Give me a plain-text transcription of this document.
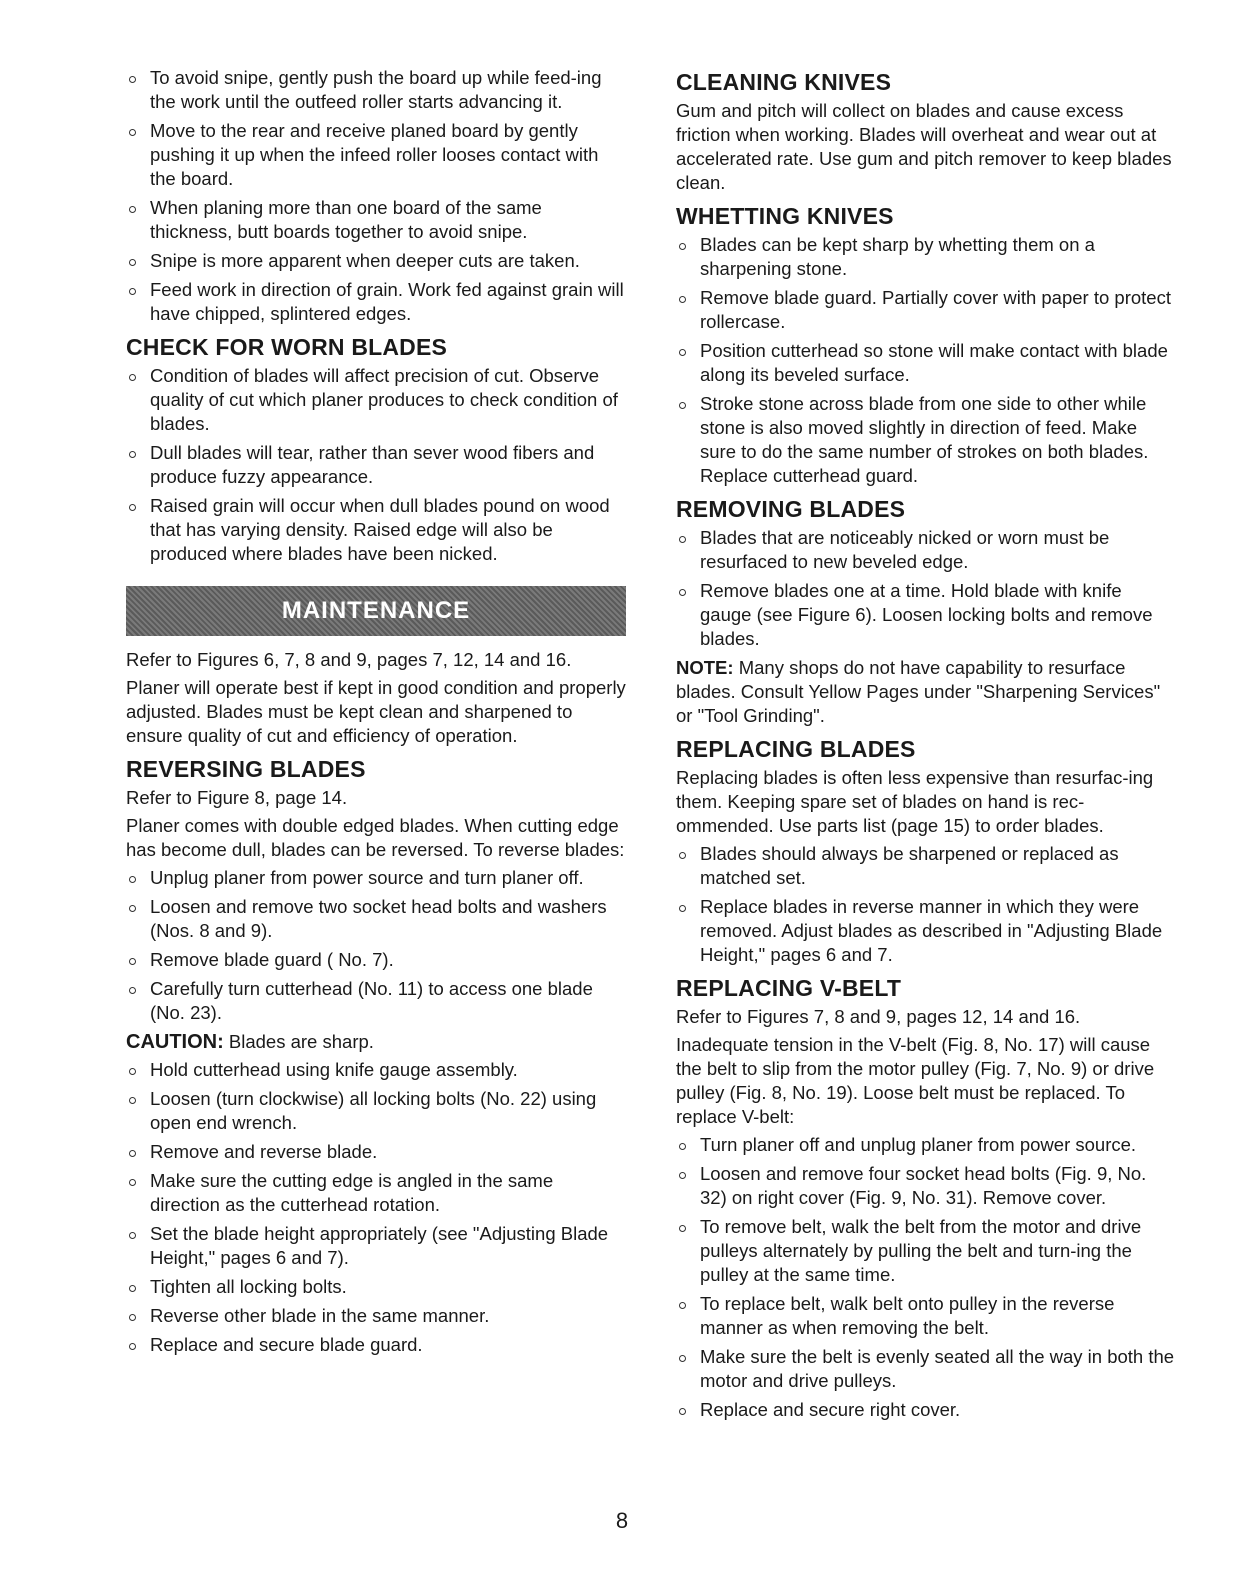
To avoid snipe, gently push the board up while feed-ing the work until the outfeed roller starts advancing it.
Move to the rear and receive planed board by gently pushing it up when the infeed roller looses contact with the board.
When planing more than one board of the same thickness, butt boards together to avoid snipe.
Snipe is more apparent when deeper cuts are taken.
Feed work in direction of grain. Work fed against grain will have chipped, splintered edges.
CHECK FOR WORN BLADES
Condition of blades will affect precision of cut. Observe quality of cut which planer produces to check condition of blades.
Dull blades will tear, rather than sever wood fibers and produce fuzzy appearance.
Raised grain will occur when dull blades pound on wood that has varying density. Raised edge will also be produced where blades have been nicked.
MAINTENANCE

Refer to Figures 6, 7, 8 and 9, pages 7, 12, 14 and 16.

Planer will operate best if kept in good condition and properly adjusted. Blades must be kept clean and sharpened to ensure quality of cut and efficiency of operation.

REVERSING BLADES

Refer to Figure 8, page 14.

Planer comes with double edged blades. When cutting edge has become dull, blades can be reversed. To reverse blades:

Unplug planer from power source and turn planer off.
Loosen and remove two socket head bolts and washers (Nos. 8 and 9).
Remove blade guard ( No. 7).
Carefully turn cutterhead (No. 11) to access one blade (No. 23).

CAUTION: Blades are sharp.

Hold cutterhead using knife gauge assembly.
Loosen (turn clockwise) all locking bolts (No. 22) using open end wrench.
Remove and reverse blade.
Make sure the cutting edge is angled in the same direction as the cutterhead rotation.
Set the blade height appropriately (see "Adjusting Blade Height," pages 6 and 7).
Tighten all locking bolts.
Reverse other blade in the same manner.
Replace and secure blade guard.
CLEANING KNIVES

Gum and pitch will collect on blades and cause excess friction when working. Blades will overheat and wear out at accelerated rate. Use gum and pitch remover to keep blades clean.

WHETTING KNIVES
Blades can be kept sharp by whetting them on a sharpening stone.
Remove blade guard. Partially cover with paper to protect rollercase.
Position cutterhead so stone will make contact with blade along its beveled surface.
Stroke stone across blade from one side to other while stone is also moved slightly in direction of feed. Make sure to do the same number of strokes on both blades. Replace cutterhead guard.
REMOVING BLADES
Blades that are noticeably nicked or worn must be resurfaced to new beveled edge.
Remove blades one at a time. Hold blade with knife gauge (see Figure 6). Loosen locking bolts and remove blades.

NOTE: Many shops do not have capability to resurface blades. Consult Yellow Pages under "Sharpening Services" or "Tool Grinding".

REPLACING BLADES

Replacing blades is often less expensive than resurfac-ing them. Keeping spare set of blades on hand is rec-ommended. Use parts list (page 15) to order blades.

Blades should always be sharpened or replaced as matched set.
Replace blades in reverse manner in which they were removed. Adjust blades as described in "Adjusting Blade Height," pages 6 and 7.
REPLACING V-BELT

Refer to Figures 7, 8 and 9, pages 12, 14 and 16.

Inadequate tension in the V-belt (Fig. 8, No. 17) will cause the belt to slip from the motor pulley (Fig. 7, No. 9) or drive pulley (Fig. 8, No. 19). Loose belt must be replaced. To replace V-belt:

Turn planer off and unplug planer from power source.
Loosen and remove four socket head bolts (Fig. 9, No. 32) on right cover (Fig. 9, No. 31). Remove cover.
To remove belt, walk the belt from the motor and drive pulleys alternately by pulling the belt and turn-ing the pulley at the same time.
To replace belt, walk belt onto pulley in the reverse manner as when removing the belt.
Make sure the belt is evenly seated all the way in both the motor and drive pulleys.
Replace and secure right cover.
8
